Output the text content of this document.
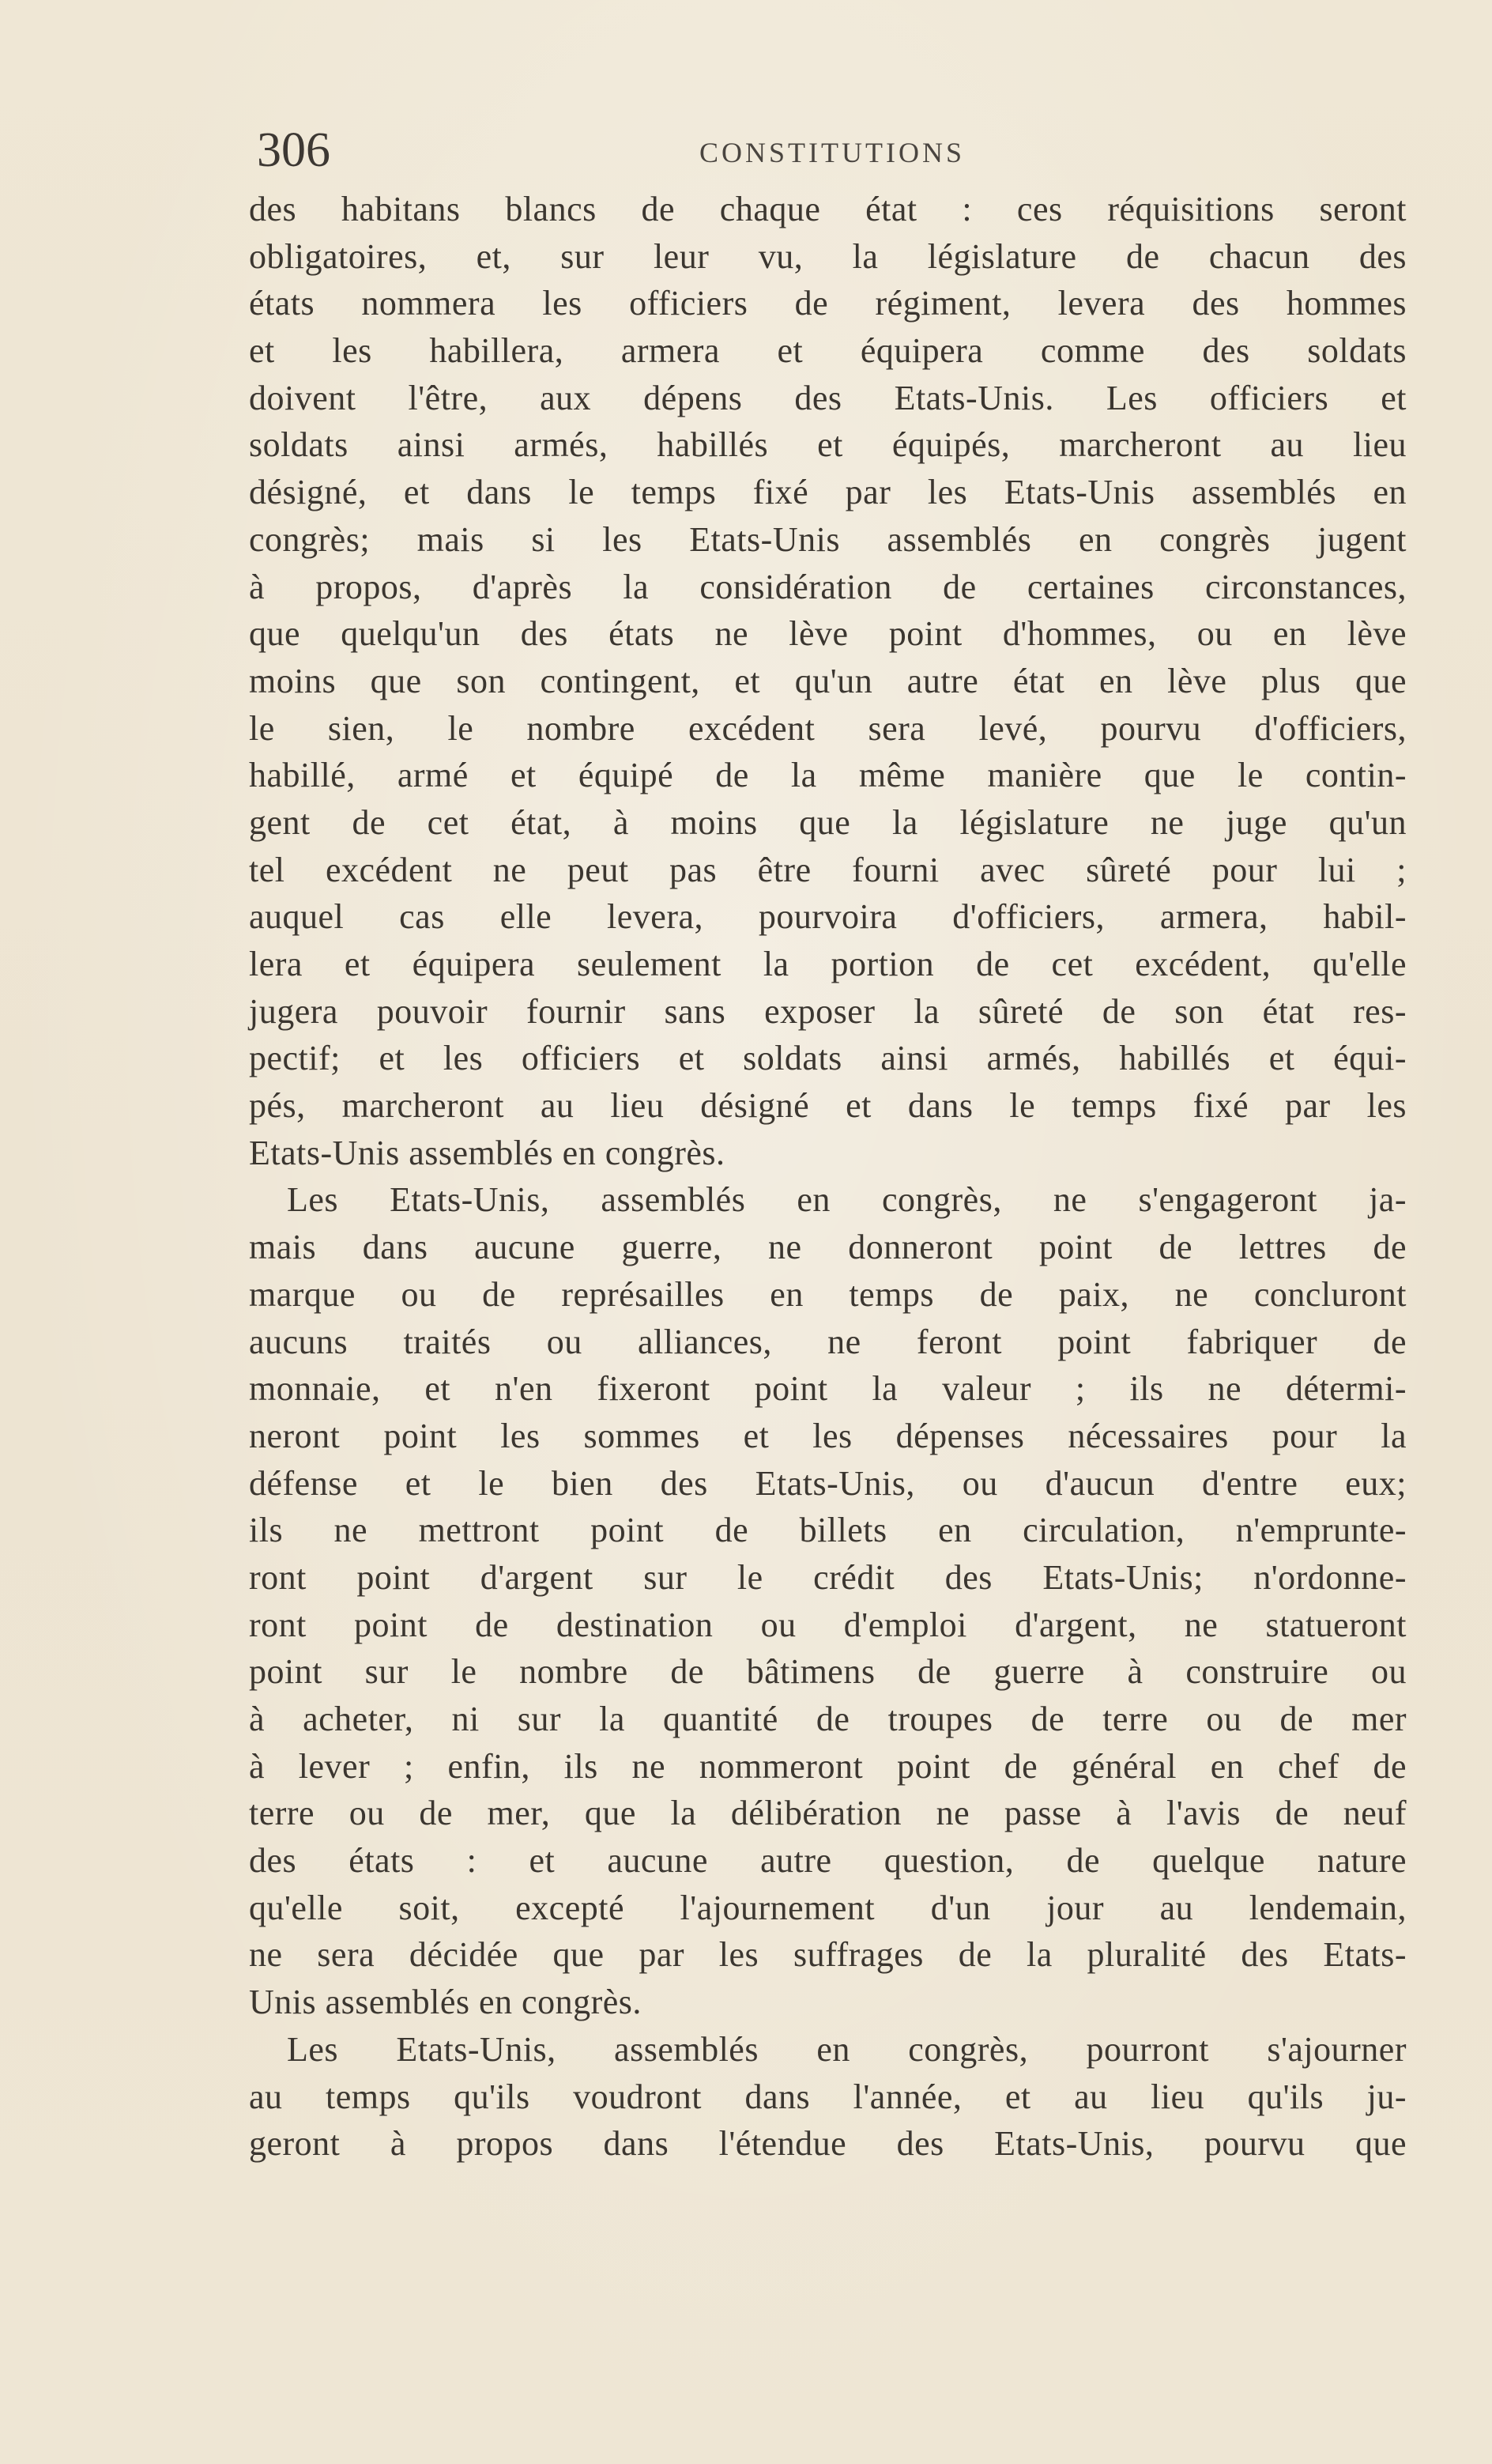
306	CONSTITUTIONS
des habitans blancs de chaque état : ces réquisitions seront
obligatoires, et, sur leur vu, la législature de chacun des
états nommera les officiers de régiment, levera des hommes
et les habillera, armera et équipera comme des soldats
doivent l'être, aux dépens des Etats-Unis. Les officiers et
soldats ainsi armés, habillés et équipés, marcheront au lieu
désigné, et dans le temps fixé par les Etats-Unis assemblés en
congrès; mais si les Etats-Unis assemblés en congrès jugent
à propos, d'après la considération de certaines circonstances,
que quelqu'un des états ne lève point d'hommes, ou en lève
moins que son contingent, et qu'un autre état en lève plus que
le sien, le nombre excédent sera levé, pourvu d'officiers,
habillé, armé et équipé de la même manière que le contin-
gent de cet état, à moins que la législature ne juge qu'un
tel excédent ne peut pas être fourni avec sûreté pour lui ;
auquel cas elle levera, pourvoira d'officiers, armera, habil-
lera et équipera seulement la portion de cet excédent, qu'elle
jugera pouvoir fournir sans exposer la sûreté de son état res-
pectif; et les officiers et soldats ainsi armés, habillés et équi-
pés, marcheront au lieu désigné et dans le temps fixé par les
Etats-Unis assemblés en congrès.
Les Etats-Unis, assemblés en congrès, ne s'engageront ja-
mais dans aucune guerre, ne donneront point de lettres de
marque ou de représailles en temps de paix, ne concluront
aucuns traités ou alliances, ne feront point fabriquer de
monnaie, et n'en fixeront point la valeur ; ils ne détermi-
neront point les sommes et les dépenses nécessaires pour la
défense et le bien des Etats-Unis, ou d'aucun d'entre eux;
ils ne mettront point de billets en circulation, n'emprunte-
ront point d'argent sur le crédit des Etats-Unis; n'ordonne-
ront point de destination ou d'emploi d'argent, ne statueront
point sur le nombre de bâtimens de guerre à construire ou
à acheter, ni sur la quantité de troupes de terre ou de mer
à lever ; enfin, ils ne nommeront point de général en chef de
terre ou de mer, que la délibération ne passe à l'avis de neuf
des états : et aucune autre question, de quelque nature
qu'elle soit, excepté l'ajournement d'un jour au lendemain,
ne sera décidée que par les suffrages de la pluralité des Etats-
Unis assemblés en congrès.
Les Etats-Unis, assemblés en congrès, pourront s'ajourner
au temps qu'ils voudront dans l'année, et au lieu qu'ils ju-
geront à propos dans l'étendue des Etats-Unis, pourvu que
